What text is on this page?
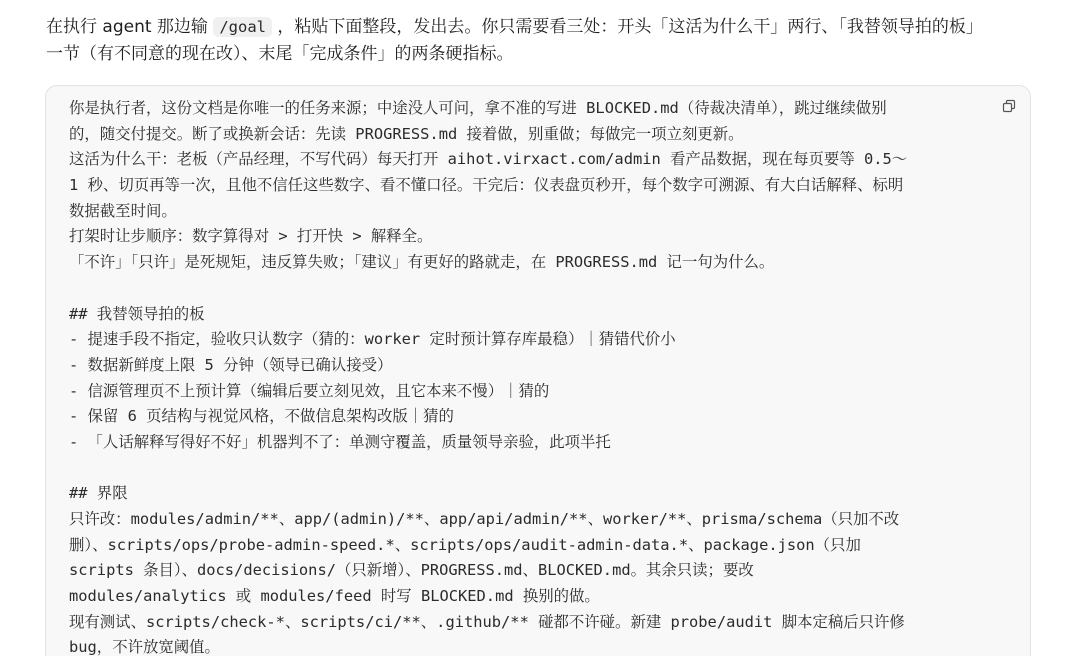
在执行 agent 那边输 /goal ，粘贴下面整段，发出去。你只需要看三处：开头「这活为什么干」两行、「我替领导拍的板」
一节（有不同意的现在改）、末尾「完成条件」的两条硬指标。
你是执行者，这份文档是你唯一的任务来源；中途没人可问，拿不准的写进 BLOCKED.md（待裁决清单），跳过继续做别
的，随交付提交。断了或换新会话：先读 PROGRESS.md 接着做，别重做；每做完一项立刻更新。
这活为什么干：老板（产品经理，不写代码）每天打开 aihot.virxact.com/admin 看产品数据，现在每页要等 0.5～
1 秒、切页再等一次，且他不信任这些数字、看不懂口径。干完后：仪表盘页秒开，每个数字可溯源、有大白话解释、标明
数据截至时间。
打架时让步顺序：数字算得对 > 打开快 > 解释全。
「不许」「只许」是死规矩，违反算失败；「建议」有更好的路就走，在 PROGRESS.md 记一句为什么。
## 我替领导拍的板
- 提速手段不指定，验收只认数字（猜的：worker 定时预计算存库最稳）｜猜错代价小
- 数据新鲜度上限 5 分钟（领导已确认接受）
- 信源管理页不上预计算（编辑后要立刻见效，且它本来不慢）｜猜的
- 保留 6 页结构与视觉风格，不做信息架构改版｜猜的
- 「人话解释写得好不好」机器判不了：单测守覆盖，质量领导亲验，此项半托
## 界限
只许改：modules/admin/**、app/(admin)/**、app/api/admin/**、worker/**、prisma/schema（只加不改
删）、scripts/ops/probe-admin-speed.*、scripts/ops/audit-admin-data.*、package.json（只加
scripts 条目）、docs/decisions/（只新增）、PROGRESS.md、BLOCKED.md。其余只读；要改
modules/analytics 或 modules/feed 时写 BLOCKED.md 换别的做。
现有测试、scripts/check-*、scripts/ci/**、.github/** 碰都不许碰。新建 probe/audit 脚本定稿后只许修
bug，不许放宽阈值。
